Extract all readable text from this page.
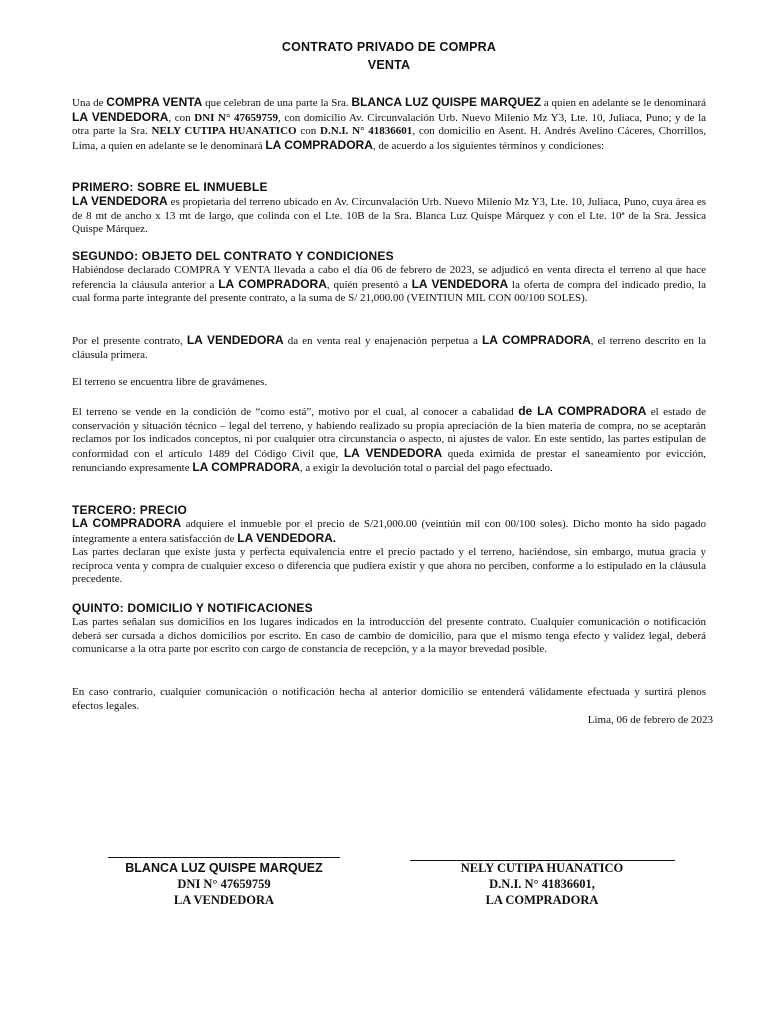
CONTRATO PRIVADO DE COMPRA
VENTA
Una de COMPRA VENTA que celebran de una parte la Sra. BLANCA LUZ QUISPE MARQUEZ a quien en adelante se le denominará LA VENDEDORA, con DNI N° 47659759, con domicilio Av. Circunvalación Urb. Nuevo Milenio Mz Y3, Lte. 10, Juliaca, Puno; y de la otra parte la Sra. NELY CUTIPA HUANATICO con D.N.I. N° 41836601, con domicilio en Asent. H. Andrés Avelino Cáceres, Chorrillos, Lima, a quien en adelante se le denominará LA COMPRADORA, de acuerdo a los siguientes términos y condiciones:
PRIMERO: SOBRE EL INMUEBLE
LA VENDEDORA es propietaria del terreno ubicado en Av. Circunvalación Urb. Nuevo Milenio Mz Y3, Lte. 10, Juliaca, Puno, cuya área es de 8 mt de ancho x 13 mt de largo, que colinda con el Lte. 10B de la Sra. Blanca Luz Quispe Márquez y con el Lte. 10ª de la Sra. Jessica Quispe Márquez.
SEGUNDO: OBJETO DEL CONTRATO Y CONDICIONES
Habiéndose declarado COMPRA Y VENTA llevada a cabo el día 06 de febrero de 2023, se adjudicó en venta directa el terreno al que hace referencia la cláusula anterior a LA COMPRADORA, quién presentó a LA VENDEDORA la oferta de compra del indicado predio, la cual forma parte integrante del presente contrato, a la suma de S/ 21,000.00 (VEINTIUN MIL CON 00/100 SOLES).
Por el presente contrato, LA VENDEDORA da en venta real y enajenación perpetua a LA COMPRADORA, el terreno descrito en la cláusula primera.
El terreno se encuentra libre de gravámenes.
El terreno se vende en la condición de “como está”, motivo por el cual, al conocer a cabalidad de LA COMPRADORA el estado de conservación y situación técnico – legal del terreno, y habiendo realizado su propia apreciación de la bien materia de compra, no se aceptarán reclamos por los indicados conceptos, ni por cualquier otra circunstancia o aspecto, ni ajustes de valor. En este sentido, las partes estipulan de conformidad con el artículo 1489 del Código Civil que, LA VENDEDORA queda eximida de prestar el saneamiento por evicción, renunciando expresamente LA COMPRADORA, a exigir la devolución total o parcial del pago efectuado.
TERCERO: PRECIO
LA COMPRADORA adquiere el inmueble por el precio de S/21,000.00 (veintiún mil con 00/100 soles). Dicho monto ha sido pagado íntegramente a entera satisfacción de LA VENDEDORA.
Las partes declaran que existe justa y perfecta equivalencia entre el precio pactado y el terreno, haciéndose, sin embargo, mutua gracia y recíproca venta y compra de cualquier exceso o diferencia que pudiera existir y que ahora no perciben, conforme a lo estipulado en la cláusula precedente.
QUINTO: DOMICILIO Y NOTIFICACIONES
Las partes señalan sus domicilios en los lugares indicados en la introducción del presente contrato. Cualquier comunicación o notificación deberá ser cursada a dichos domicilios por escrito. En caso de cambio de domicilio, para que el mismo tenga efecto y validez legal, deberá comunicarse a la otra parte por escrito con cargo de constancia de recepción, y a la mayor brevedad posible.
En caso contrario, cualquier comunicación o notificación hecha al anterior domicilio se entenderá válidamente efectuada y surtirá plenos efectos legales.
Lima, 06 de febrero de 2023
BLANCA LUZ QUISPE MARQUEZ
DNI N° 47659759
LA VENDEDORA
NELY CUTIPA HUANATICO
D.N.I. N° 41836601,
LA COMPRADORA
